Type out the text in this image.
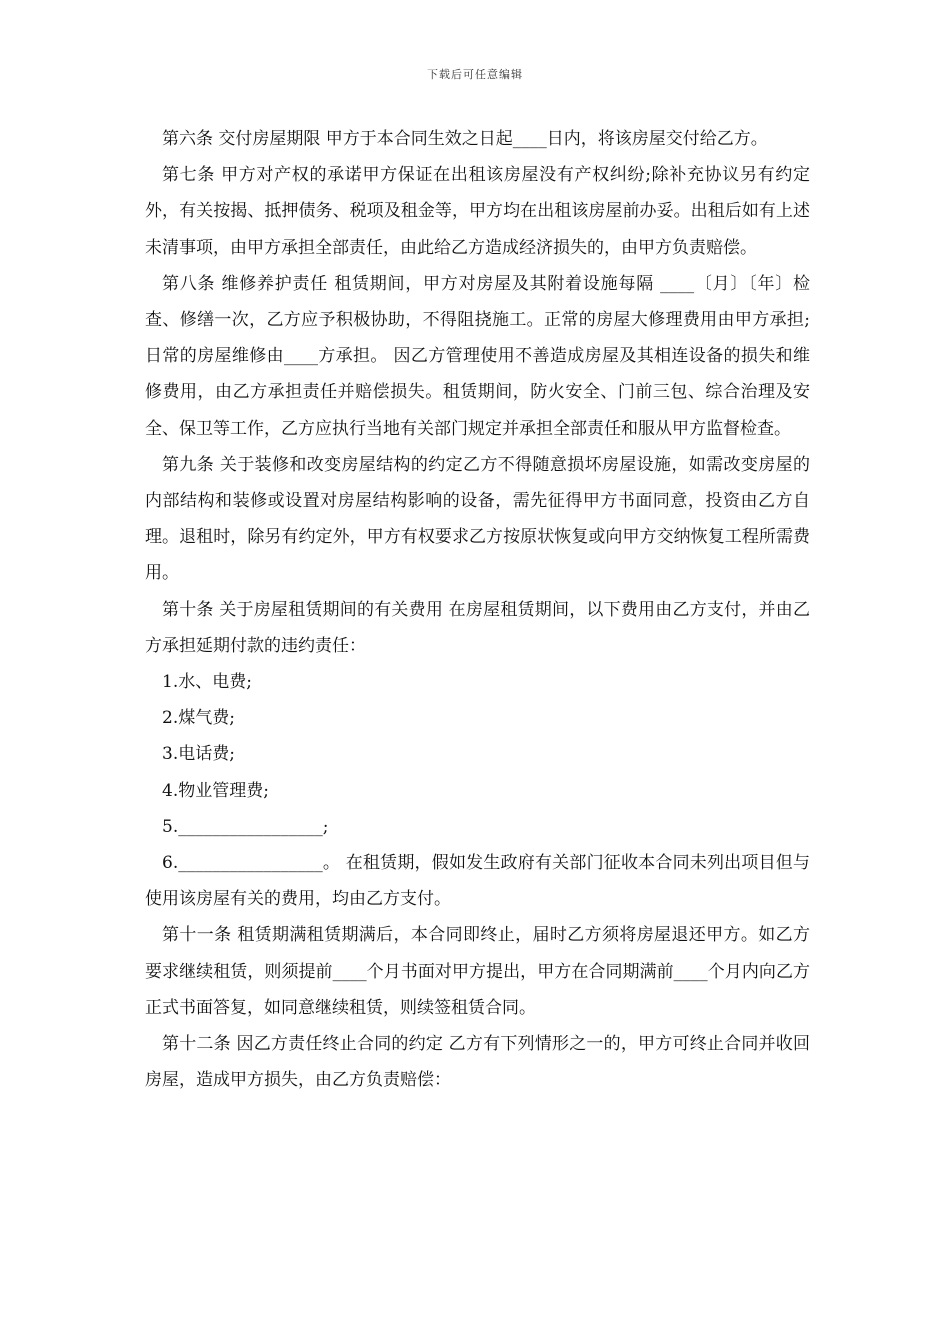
下载后可任意编辑

第六条 交付房屋期限 甲方于本合同生效之日起____日内，将该房屋交付给乙方。

第七条 甲方对产权的承诺甲方保证在出租该房屋没有产权纠纷;除补充协议另有约定外，有关按揭、抵押债务、税项及租金等，甲方均在出租该房屋前办妥。出租后如有上述未清事项，由甲方承担全部责任，由此给乙方造成经济损失的，由甲方负责赔偿。

第八条 维修养护责任 租赁期间，甲方对房屋及其附着设施每隔 ____〔月〕〔年〕检查、修缮一次，乙方应予积极协助，不得阻挠施工。正常的房屋大修理费用由甲方承担;日常的房屋维修由____方承担。 因乙方管理使用不善造成房屋及其相连设备的损失和维修费用，由乙方承担责任并赔偿损失。租赁期间，防火安全、门前三包、综合治理及安全、保卫等工作，乙方应执行当地有关部门规定并承担全部责任和服从甲方监督检查。

第九条 关于装修和改变房屋结构的约定乙方不得随意损坏房屋设施，如需改变房屋的内部结构和装修或设置对房屋结构影响的设备，需先征得甲方书面同意，投资由乙方自理。退租时，除另有约定外，甲方有权要求乙方按原状恢复或向甲方交纳恢复工程所需费用。

第十条 关于房屋租赁期间的有关费用 在房屋租赁期间，以下费用由乙方支付，并由乙方承担延期付款的违约责任：

1.水、电费;

2.煤气费;

3.电话费;

4.物业管理费;

5._________________;

6._________________。 在租赁期，假如发生政府有关部门征收本合同未列出项目但与使用该房屋有关的费用，均由乙方支付。

第十一条 租赁期满租赁期满后，本合同即终止，届时乙方须将房屋退还甲方。如乙方要求继续租赁，则须提前____个月书面对甲方提出，甲方在合同期满前____个月内向乙方正式书面答复，如同意继续租赁，则续签租赁合同。

第十二条 因乙方责任终止合同的约定 乙方有下列情形之一的，甲方可终止合同并收回房屋，造成甲方损失，由乙方负责赔偿：
